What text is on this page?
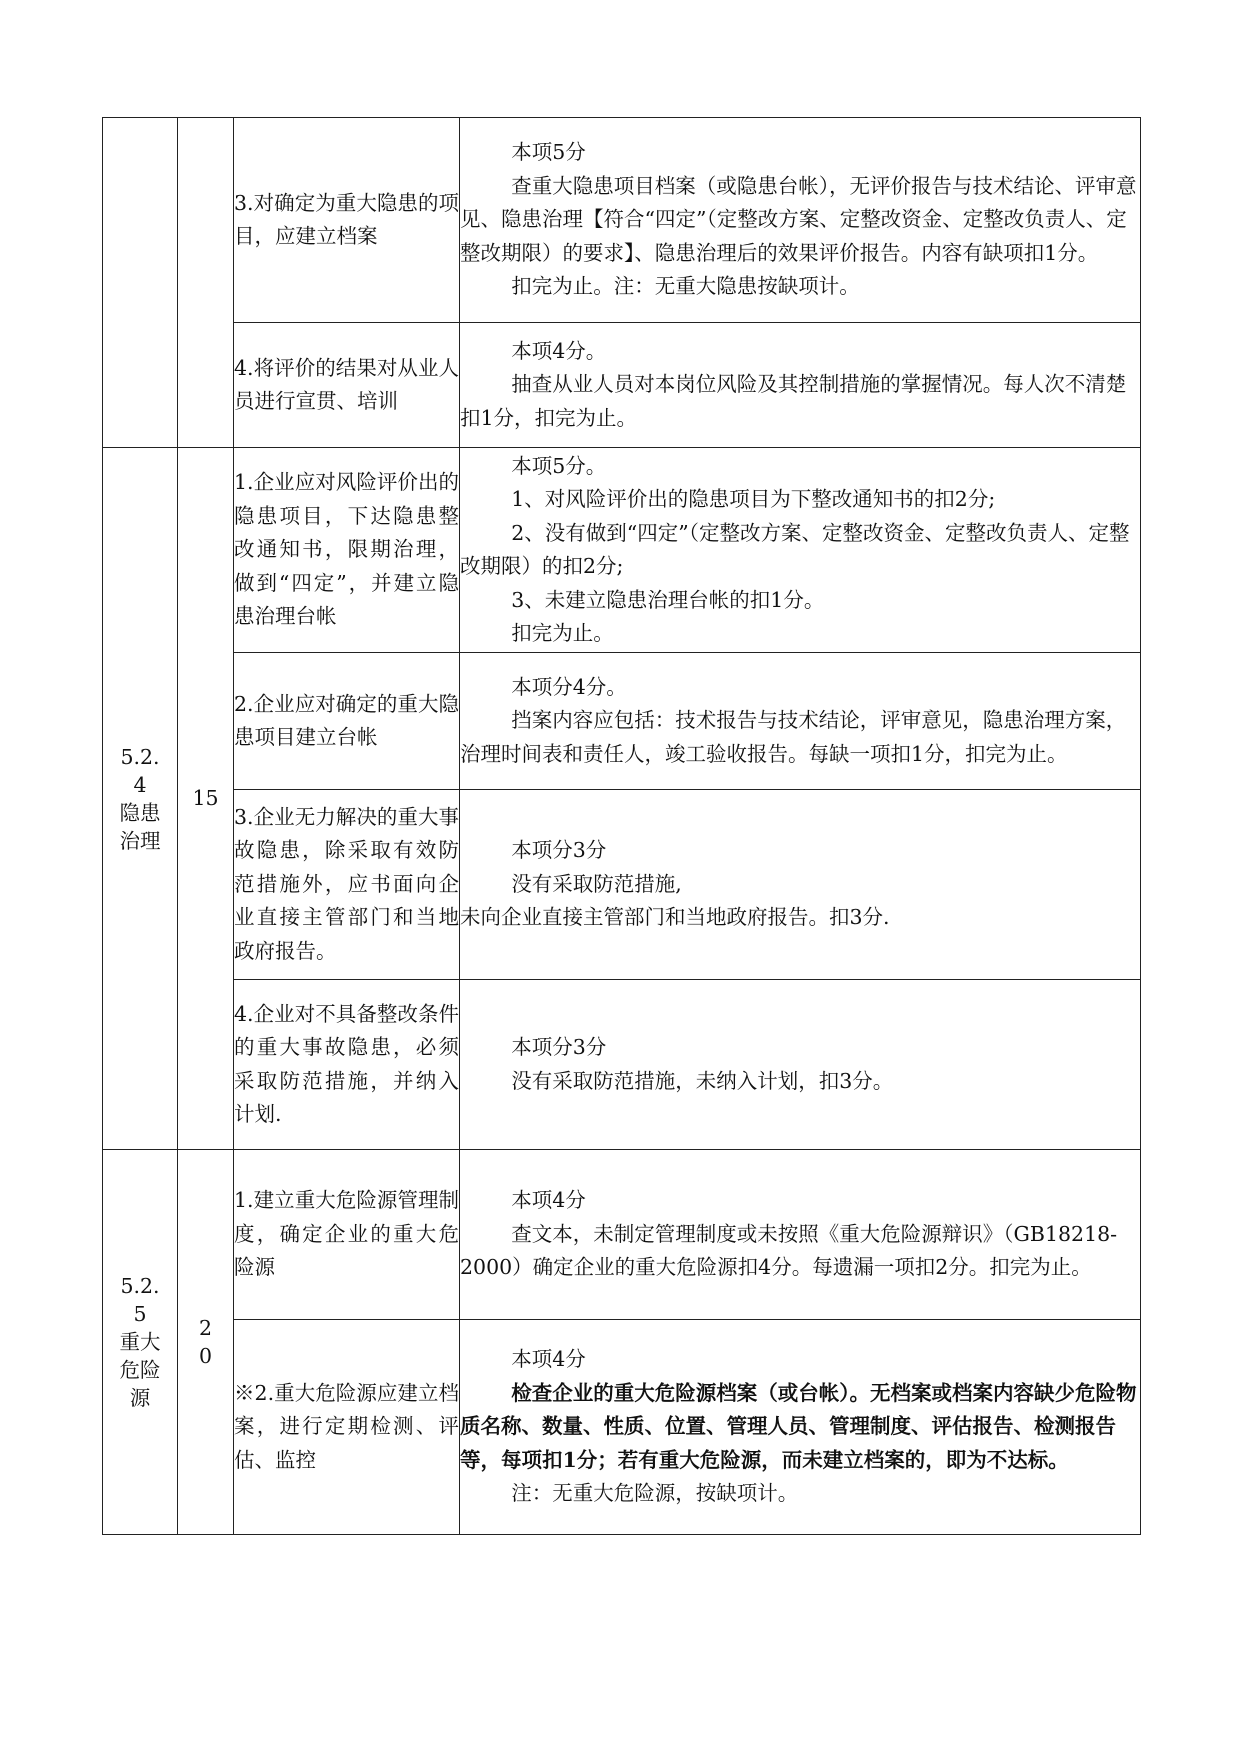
		3.对确定为重大隐患的项目，应建立档案	本项5分
查重大隐患项目档案（或隐患台帐），无评价报告与技术结论、评审意见、隐患治理【符合“四定”（定整改方案、定整改资金、定整改负责人、定整改期限）的要求】、隐患治理后的效果评价报告。内容有缺项扣1分。
扣完为止。注：无重大隐患按缺项计。

		4.将评价的结果对从业人员进行宣贯、培训	本项4分。
抽查从业人员对本岗位风险及其控制措施的掌握情况。每人次不清楚扣1分，扣完为止。

5.2.
4
隐患
治理	15	1.企业应对风险评价出的隐患项目，下达隐患整改通知书，限期治理，做到“四定”，并建立隐患治理台帐	本项5分。
1、对风险评价出的隐患项目为下整改通知书的扣2分;
2、没有做到“四定”（定整改方案、定整改资金、定整改负责人、定整改期限）的扣2分;
3、未建立隐患治理台帐的扣1分。
扣完为止。

		2.企业应对确定的重大隐患项目建立台帐	本项分4分。
挡案内容应包括：技术报告与技术结论，评审意见，隐患治理方案，治理时间表和责任人，竣工验收报告。每缺一项扣1分，扣完为止。

		3.企业无力解决的重大事故隐患，除采取有效防范措施外，应书面向企业直接主管部门和当地政府报告。	本项分3分
没有采取防范措施,
未向企业直接主管部门和当地政府报告。扣3分.

		4.企业对不具备整改条件的重大事故隐患，必须采取防范措施，并纳入计划.	本项分3分
没有采取防范措施，未纳入计划，扣3分。

5.2.
5
重大
危险
源	2
0	1.建立重大危险源管理制度，确定企业的重大危险源	本项4分
查文本，未制定管理制度或未按照《重大危险源辩识》（GB18218-
2000）确定企业的重大危险源扣4分。每遗漏一项扣2分。扣完为止。

		※2.重大危险源应建立档案，进行定期检测、评估、监控	本项4分
检查企业的重大危险源档案（或台帐）。无档案或档案内容缺少危险物质名称、数量、性质、位置、管理人员、管理制度、评估报告、检测报告等，每项扣1分；若有重大危险源，而未建立档案的，即为不达标。
注：无重大危险源，按缺项计。
